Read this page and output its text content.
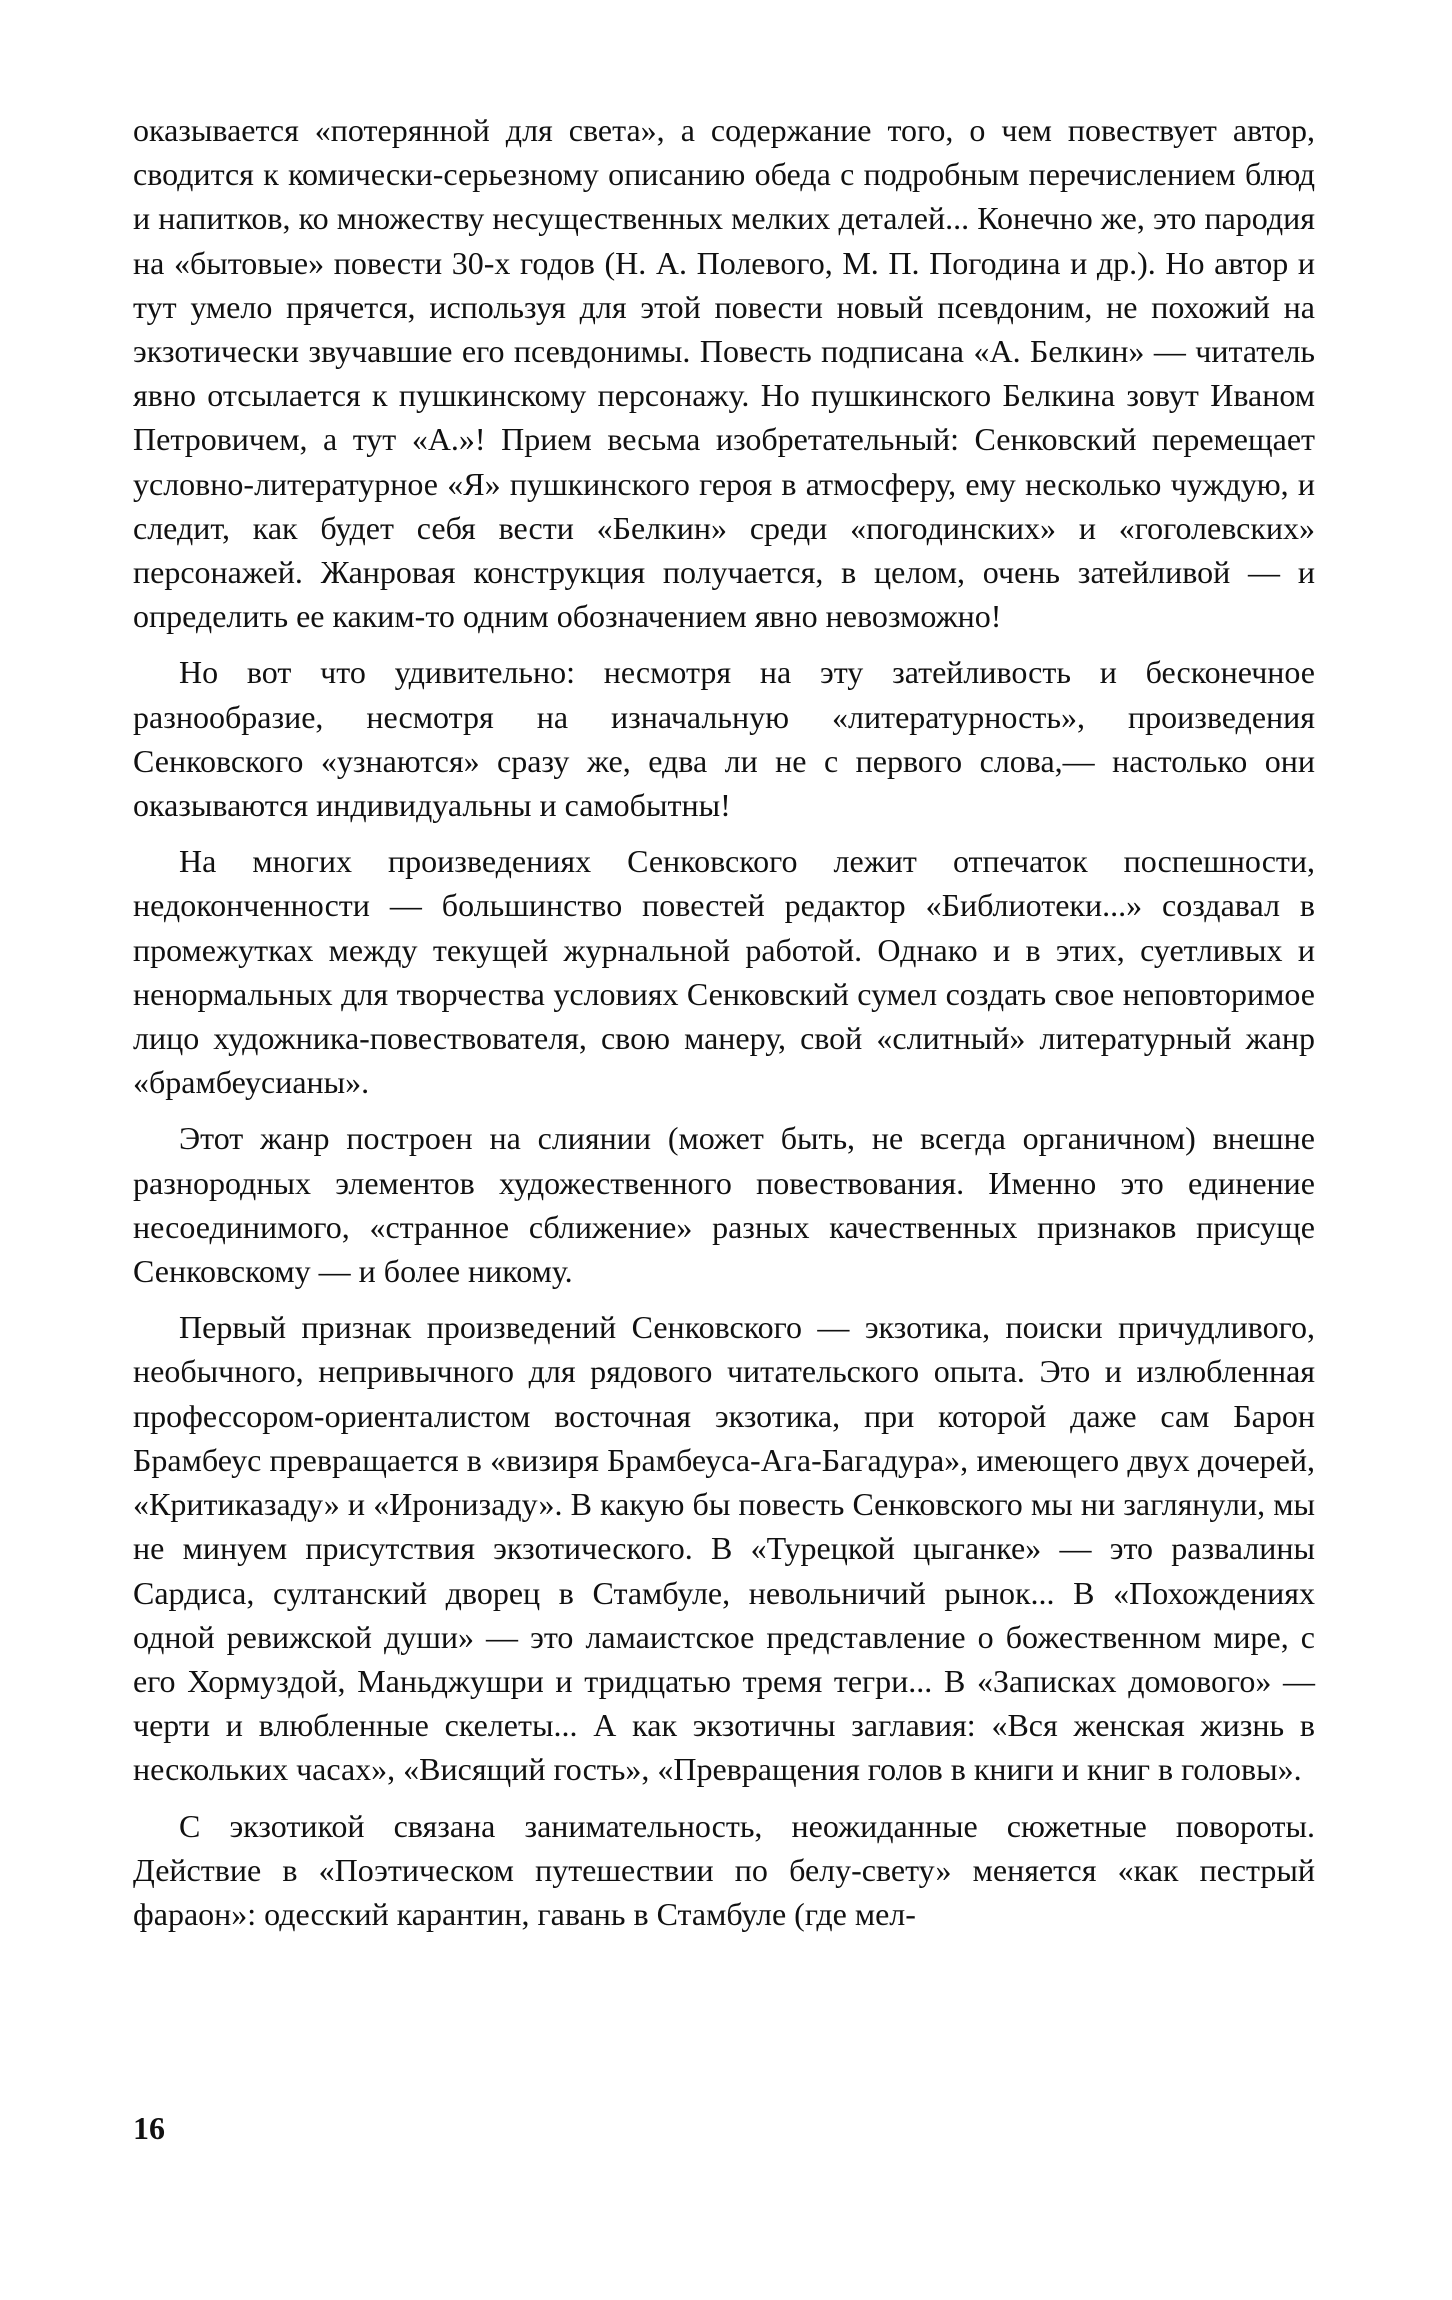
оказывается «потерянной для света», а содержание того, о чем повествует автор, сводится к комически-серьезному описанию обеда с подробным перечислением блюд и напитков, ко множеству несущественных мелких деталей... Конечно же, это пародия на «бытовые» повести 30-х годов (Н. А. Полевого, М. П. Погодина и др.). Но автор и тут умело прячется, используя для этой повести новый псевдоним, не похожий на экзотически звучавшие его псевдонимы. Повесть подписана «А. Белкин» — читатель явно отсылается к пушкинскому персонажу. Но пушкинского Белкина зовут Иваном Петровичем, а тут «А.»! Прием весьма изобретательный: Сенковский перемещает условно-литературное «Я» пушкинского героя в атмосферу, ему несколько чуждую, и следит, как будет себя вести «Белкин» среди «погодинских» и «гоголевских» персонажей. Жанровая конструкция получается, в целом, очень затейливой — и определить ее каким-то одним обозначением явно невозможно!

Но вот что удивительно: несмотря на эту затейливость и бесконечное разнообразие, несмотря на изначальную «литературность», произведения Сенковского «узнаются» сразу же, едва ли не с первого слова,— настолько они оказываются индивидуальны и самобытны!

На многих произведениях Сенковского лежит отпечаток поспешности, недоконченности — большинство повестей редактор «Библиотеки...» создавал в промежутках между текущей журнальной работой. Однако и в этих, суетливых и ненормальных для творчества условиях Сенковский сумел создать свое неповторимое лицо художника-повествователя, свою манеру, свой «слитный» литературный жанр «брамбеусианы».

Этот жанр построен на слиянии (может быть, не всегда органичном) внешне разнородных элементов художественного повествования. Именно это единение несоединимого, «странное сближение» разных качественных признаков присуще Сенковскому — и более никому.

Первый признак произведений Сенковского — экзотика, поиски причудливого, необычного, непривычного для рядового читательского опыта. Это и излюбленная профессором-ориенталистом восточная экзотика, при которой даже сам Барон Брамбеус превращается в «визиря Брамбеуса-Ага-Багадура», имеющего двух дочерей, «Критиказаду» и «Иронизаду». В какую бы повесть Сенковского мы ни заглянули, мы не минуем присутствия экзотического. В «Турецкой цыганке» — это развалины Сардиса, султанский дворец в Стамбуле, невольничий рынок... В «Похождениях одной ревижской души» — это ламаистское представление о божественном мире, с его Хормуздой, Маньджушри и тридцатью тремя тегри... В «Записках домового» — черти и влюбленные скелеты... А как экзотичны заглавия: «Вся женская жизнь в нескольких часах», «Висящий гость», «Превращения голов в книги и книг в головы».

С экзотикой связана занимательность, неожиданные сюжетные повороты. Действие в «Поэтическом путешествии по белу-свету» меняется «как пестрый фараон»: одесский карантин, гавань в Стамбуле (где мел-

16
